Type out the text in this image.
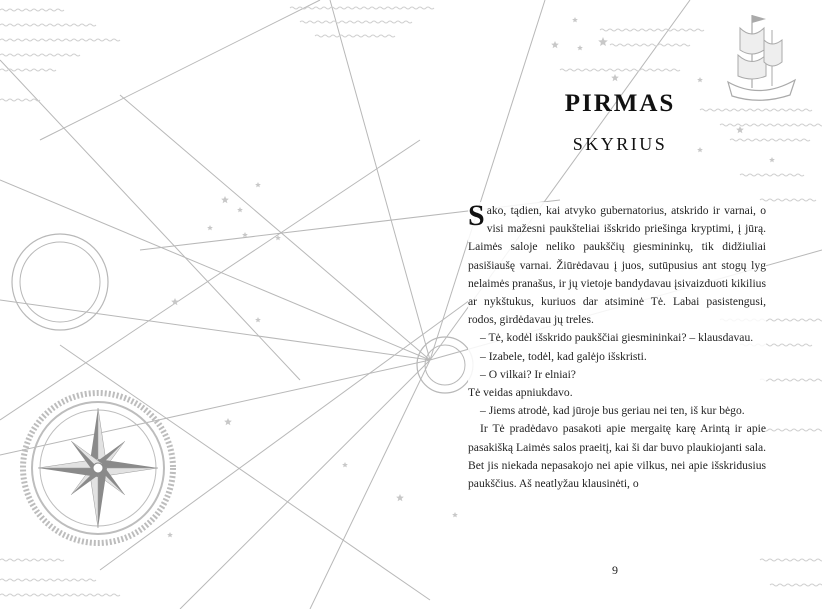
PIRMAS
SKYRIUS

Sako, tądien, kai atvyko gubernatorius, atskrido ir varnai, o visi mažesni paukšteliai išskrido priešinga kryptimi, į jūrą. Laimės saloje neliko paukščių giesmininkų, tik didžiuliai pasišiaušę varnai. Žiūrėdavau į juos, sutūpusius ant stogų lyg nelaimės pranašus, ir jų vietoje bandydavau įsivaizduoti kikilius ar nykštukus, kuriuos dar atsiminė Tė. Labai pasistengusi, rodos, girdėdavau jų treles.

– Tė, kodėl išskrido paukščiai giesmininkai? – klausdavau.

– Izabele, todėl, kad galėjo išskristi.

– O vilkai? Ir elniai?

Tė veidas apniukdavo.

– Jiems atrodė, kad jūroje bus geriau nei ten, iš kur bėgo.

Ir Tė pradėdavo pasakoti apie mergaitę karę Arintą ir apie pasakišką Laimės salos praeitį, kai ši dar buvo plaukiojanti sala. Bet jis niekada nepasakojo nei apie vilkus, nei apie išskridusius paukščius. Aš neatlyžau klausinėti, o

9
